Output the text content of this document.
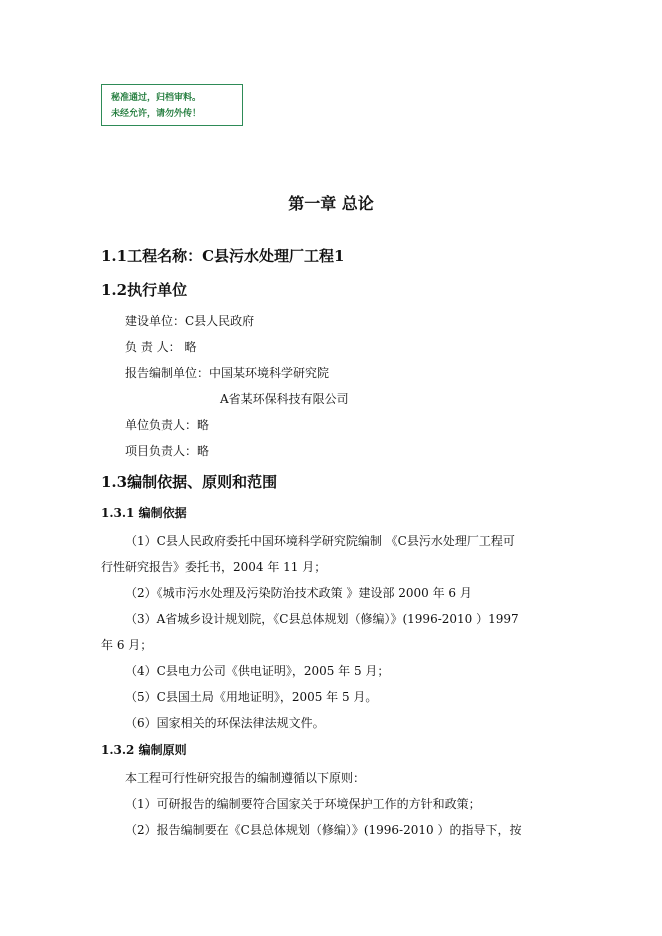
秘准通过，归档审料。
未经允许，请勿外传！
第一章 总论
1.1工程名称：C县污水处理厂工程1
1.2执行单位
建设单位：C县人民政府
负 责 人： 略
报告编制单位：中国某环境科学研究院
A省某环保科技有限公司
单位负责人：略
项目负责人：略
1.3编制依据、原则和范围
1.3.1 编制依据
（1）C县人民政府委托中国环境科学研究院编制 《C县污水处理厂工程可
行性研究报告》委托书，2004 年 11 月；
（2）《城市污水处理及污染防治技术政策 》建设部 2000 年 6 月
（3）A省城乡设计规划院，《C县总体规划（修编）》(1996-2010 ）1997
年 6 月；
（4）C县电力公司《供电证明》，2005 年 5 月；
（5）C县国土局《用地证明》，2005 年 5 月。
（6）国家相关的环保法律法规文件。
1.3.2 编制原则
本工程可行性研究报告的编制遵循以下原则：
（1）可研报告的编制要符合国家关于环境保护工作的方针和政策；
（2）报告编制要在《C县总体规划（修编）》(1996-2010 ）的指导下，按
